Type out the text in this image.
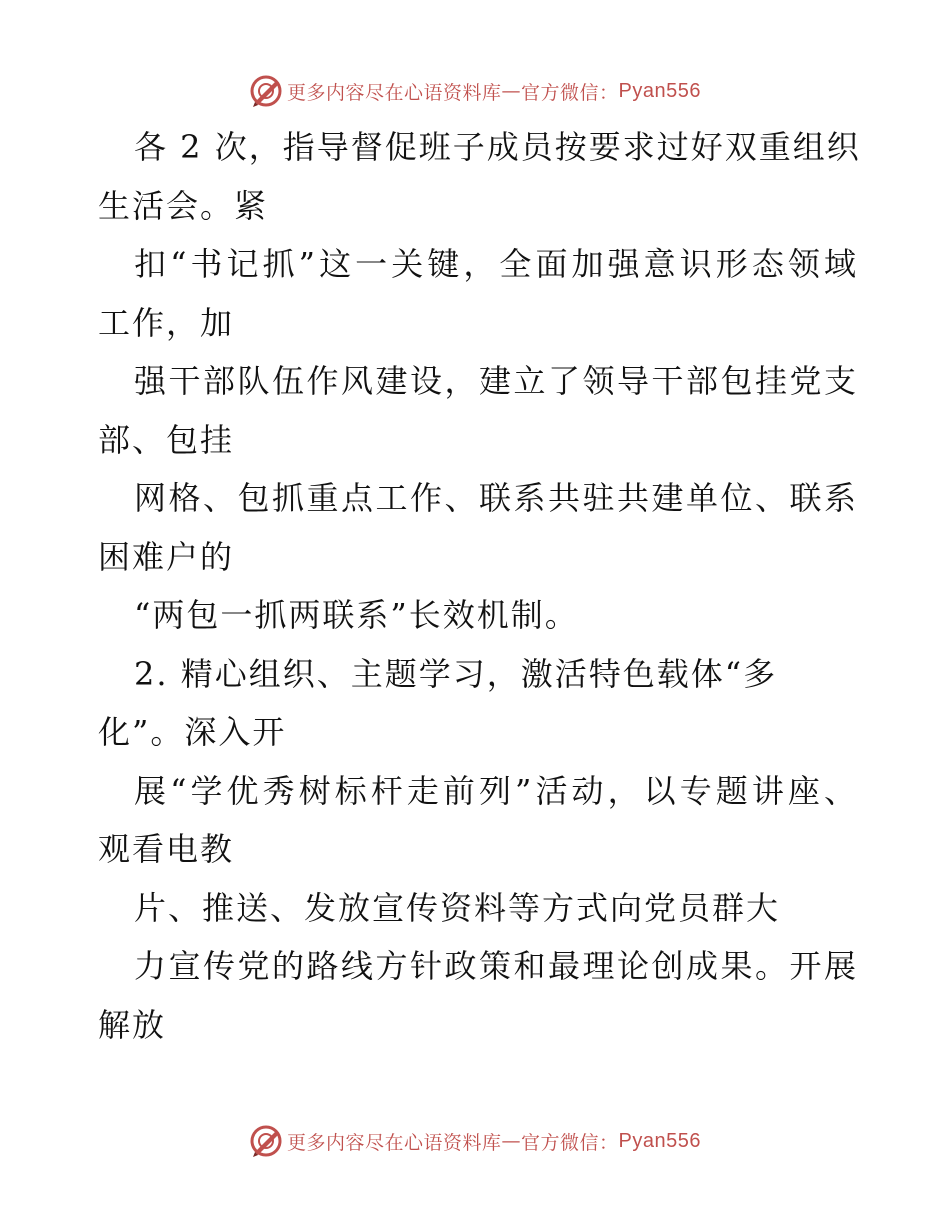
更多内容尽在心语资料库 — 官方微信： Pyan556
各 2 次，指导督促班子成员按要求过好双重组织
生活会。紧
扣“书记抓”这一关键，全面加强意识形态领域
工作，加
强干部队伍作风建设，建立了领导干部包挂党支
部、包挂
网格、包抓重点工作、联系共驻共建单位、联系
困难户的
“两包一抓两联系”长效机制。
2. 精心组织、主题学习，激活特色载体“多
化”。深入开
展“学优秀树标杆走前列”活动，以专题讲座、
观看电教
片、推送、发放宣传资料等方式向党员群大
力宣传党的路线方针政策和最理论创成果。开展
解放
更多内容尽在心语资料库 — 官方微信： Pyan556
